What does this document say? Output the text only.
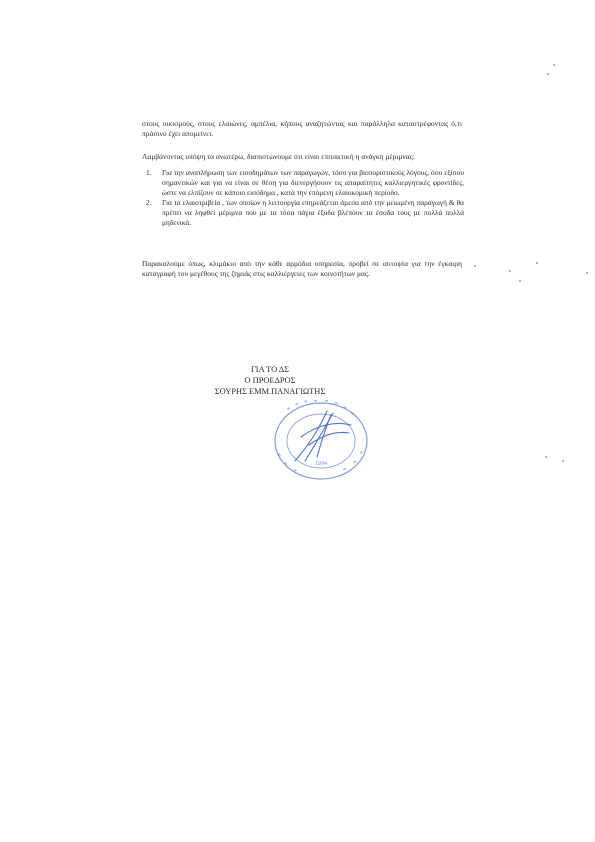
στους οικισμούς, στους ελαιώνες, αμπέλια, κήπους αναζητώντας και παράλληλα καταστρέφοντας ό,τι πράσινο έχει απομείνει.

Λαμβάνοντας υπόψη τα ανωτέρω, διαπιστώνουμε ότι είναι επιτακτική η ανάγκη μέριμνας:

1. Για την αναπλήρωση των εισοδημάτων των παραγωγών, τόσο για βιοποριστικούς λόγους, όσο εξίσου σημαντικών και για να είναι σε θέση για διενεργήσουν τις απαραίτητες καλλιεργητικές φροντίδες, ώστε να ελπίζουν σε κάποιο εισόδημα , κατά την επόμενη ελαιοκομική περίοδο.
2. Για τα ελαιοτριβεία , των οποίων η λειτουργία επηρεάζεται άμεσα από την μειωμένη παραγωγή & θα πρέπει να ληφθεί μέριμνα που με τα τόσα πάγια έξοδα βλέπουν τα έσοδα τους με πολλά πολλά μηδενικά.

Παρακαλούμε όπως, κλιμάκιο από την κάθε αρμόδια υπηρεσία, προβεί σε αυτοψία για την έγκαιρη καταγραφή του μεγέθους της ζημιάς στις καλλιέργειες των κοινοτήτων μας.

ΓΙΑ ΤΟ ΔΣ
Ο ΠΡΟΕΔΡΟΣ
ΣΟΥΡΗΣ ΕΜΜ.ΠΑΝΑΓΙΩΤΗΣ
1994
